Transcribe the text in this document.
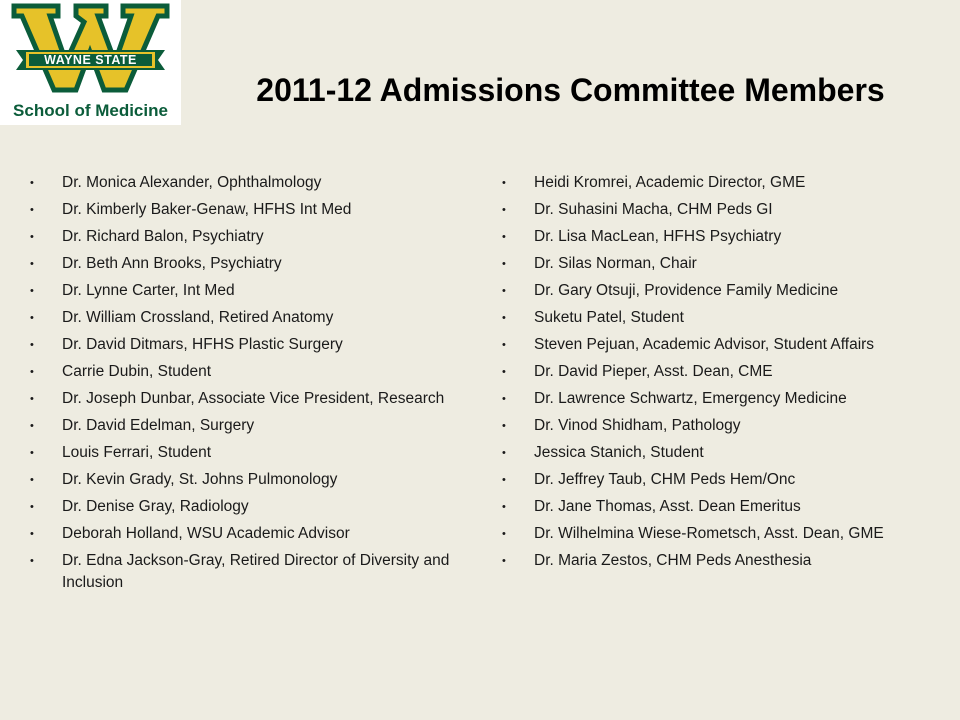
WAYNE STATE
School of Medicine
2011-12 Admissions Committee Members
• Dr. Monica Alexander, Ophthalmology
• Dr. Kimberly Baker-Genaw, HFHS Int Med
• Dr. Richard Balon, Psychiatry
• Dr. Beth Ann Brooks, Psychiatry
• Dr. Lynne Carter, Int Med
• Dr. William Crossland, Retired Anatomy
• Dr. David Ditmars, HFHS Plastic Surgery
• Carrie Dubin, Student
• Dr. Joseph Dunbar, Associate Vice President, Research
• Dr. David Edelman, Surgery
• Louis Ferrari, Student
• Dr. Kevin Grady, St. Johns Pulmonology
• Dr. Denise Gray, Radiology
• Deborah Holland, WSU Academic Advisor
• Dr. Edna Jackson-Gray, Retired Director of Diversity and Inclusion
• Heidi Kromrei, Academic Director, GME
• Dr. Suhasini Macha, CHM Peds GI
• Dr. Lisa MacLean, HFHS Psychiatry
• Dr. Silas Norman, Chair
• Dr. Gary Otsuji, Providence Family Medicine
• Suketu Patel, Student
• Steven Pejuan, Academic Advisor, Student Affairs
• Dr. David Pieper, Asst. Dean, CME
• Dr. Lawrence Schwartz, Emergency Medicine
• Dr. Vinod Shidham, Pathology
• Jessica Stanich, Student
• Dr. Jeffrey Taub, CHM Peds Hem/Onc
• Dr. Jane Thomas, Asst. Dean Emeritus
• Dr. Wilhelmina Wiese-Rometsch, Asst. Dean, GME
• Dr. Maria Zestos, CHM Peds Anesthesia
